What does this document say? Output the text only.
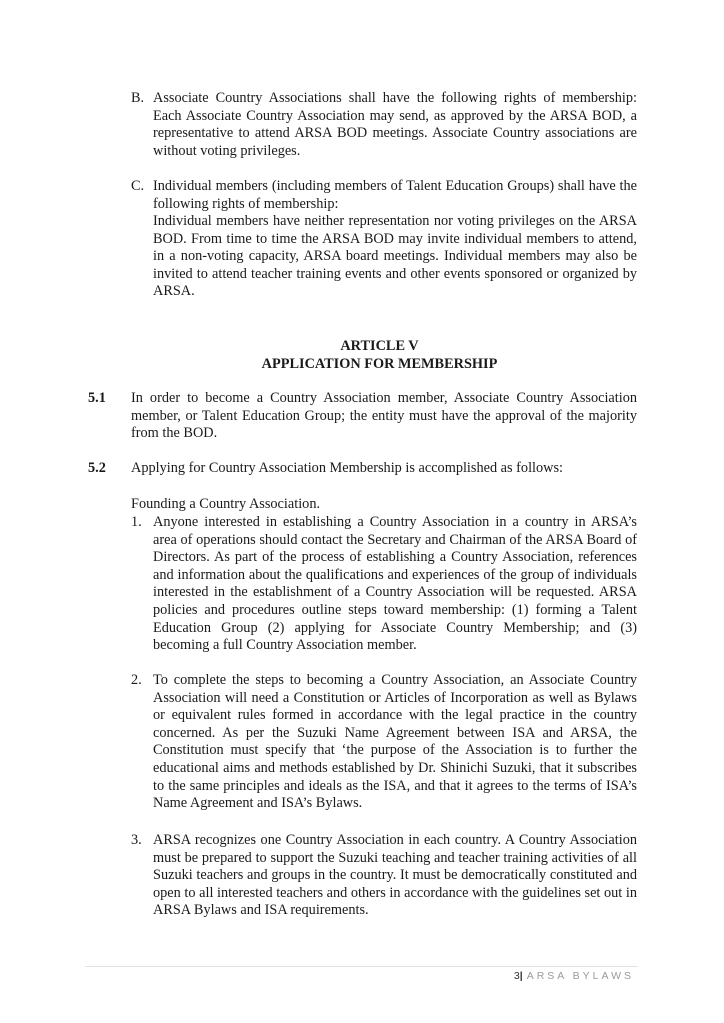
B. Associate Country Associations shall have the following rights of membership: Each Associate Country Association may send, as approved by the ARSA BOD, a representative to attend ARSA BOD meetings. Associate Country associations are without voting privileges.
C. Individual members (including members of Talent Education Groups) shall have the following rights of membership:
Individual members have neither representation nor voting privileges on the ARSA BOD. From time to time the ARSA BOD may invite individual members to attend, in a non-voting capacity, ARSA board meetings. Individual members may also be invited to attend teacher training events and other events sponsored or organized by ARSA.
ARTICLE V
APPLICATION FOR MEMBERSHIP
5.1 In order to become a Country Association member, Associate Country Association member, or Talent Education Group; the entity must have the approval of the majority from the BOD.
5.2 Applying for Country Association Membership is accomplished as follows:
Founding a Country Association.
1. Anyone interested in establishing a Country Association in a country in ARSA’s area of operations should contact the Secretary and Chairman of the ARSA Board of Directors. As part of the process of establishing a Country Association, references and information about the qualifications and experiences of the group of individuals interested in the establishment of a Country Association will be requested. ARSA policies and procedures outline steps toward membership: (1) forming a Talent Education Group (2) applying for Associate Country Membership; and (3) becoming a full Country Association member.
2. To complete the steps to becoming a Country Association, an Associate Country Association will need a Constitution or Articles of Incorporation as well as Bylaws or equivalent rules formed in accordance with the legal practice in the country concerned. As per the Suzuki Name Agreement between ISA and ARSA, the Constitution must specify that ‘the purpose of the Association is to further the educational aims and methods established by Dr. Shinichi Suzuki, that it subscribes to the same principles and ideals as the ISA, and that it agrees to the terms of ISA’s Name Agreement and ISA’s Bylaws.
3. ARSA recognizes one Country Association in each country. A Country Association must be prepared to support the Suzuki teaching and teacher training activities of all Suzuki teachers and groups in the country. It must be democratically constituted and open to all interested teachers and others in accordance with the guidelines set out in ARSA Bylaws and ISA requirements.
3| ARSA BYLAWS
